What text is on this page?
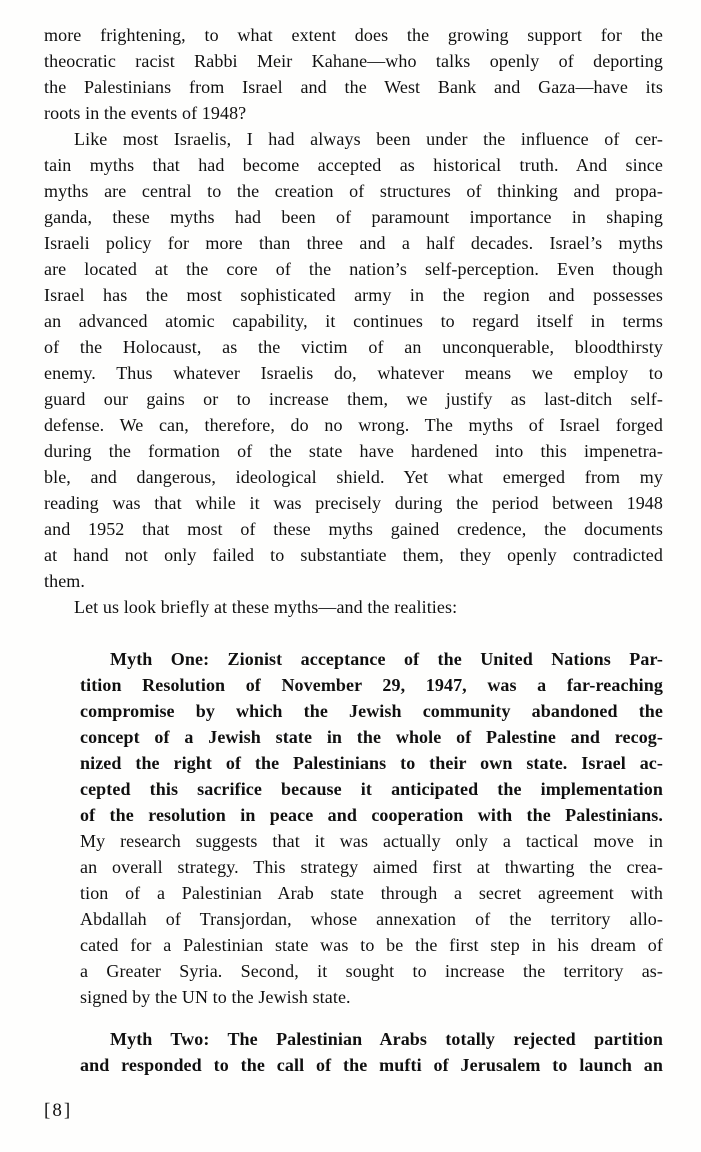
more frightening, to what extent does the growing support for the
theocratic racist Rabbi Meir Kahane—who talks openly of deporting
the Palestinians from Israel and the West Bank and Gaza—have its
roots in the events of 1948?
Like most Israelis, I had always been under the influence of cer-
tain myths that had become accepted as historical truth. And since
myths are central to the creation of structures of thinking and propa-
ganda, these myths had been of paramount importance in shaping
Israeli policy for more than three and a half decades. Israel’s myths
are located at the core of the nation’s self-perception. Even though
Israel has the most sophisticated army in the region and possesses
an advanced atomic capability, it continues to regard itself in terms
of the Holocaust, as the victim of an unconquerable, bloodthirsty
enemy. Thus whatever Israelis do, whatever means we employ to
guard our gains or to increase them, we justify as last-ditch self-
defense. We can, therefore, do no wrong. The myths of Israel forged
during the formation of the state have hardened into this impenetra-
ble, and dangerous, ideological shield. Yet what emerged from my
reading was that while it was precisely during the period between 1948
and 1952 that most of these myths gained credence, the documents
at hand not only failed to substantiate them, they openly contradicted
them.
Let us look briefly at these myths—and the realities:
Myth One: Zionist acceptance of the United Nations Par-
tition Resolution of November 29, 1947, was a far-reaching
compromise by which the Jewish community abandoned the
concept of a Jewish state in the whole of Palestine and recog-
nized the right of the Palestinians to their own state. Israel ac-
cepted this sacrifice because it anticipated the implementation
of the resolution in peace and cooperation with the Palestinians.
My research suggests that it was actually only a tactical move in
an overall strategy. This strategy aimed first at thwarting the crea-
tion of a Palestinian Arab state through a secret agreement with
Abdallah of Transjordan, whose annexation of the territory allo-
cated for a Palestinian state was to be the first step in his dream of
a Greater Syria. Second, it sought to increase the territory as-
signed by the UN to the Jewish state.
Myth Two: The Palestinian Arabs totally rejected partition
and responded to the call of the mufti of Jerusalem to launch an
[8]
